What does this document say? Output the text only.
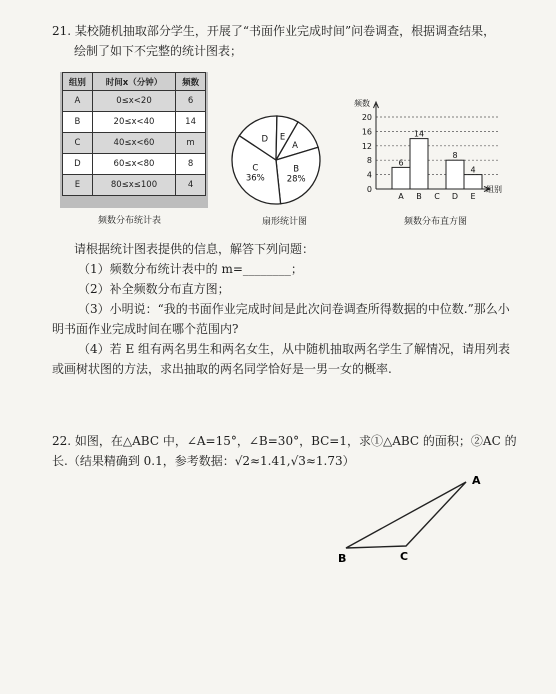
21. 某校随机抽取部分学生，开展了“书面作业完成时间”问卷调查，根据调查结果，
绘制了如下不完整的统计图表；
组别	时间x（分钟）	频数
A	0≤x<20	6
B	20≤x<40	14
C	40≤x<60	m
D	60≤x<80	8
E	80≤x≤100	4
频数分布统计表
A
B
28%
C
36%
D E
扇形统计图
0
4
8
12
16
20
频数
组别
6
A
14
B C
8
D
4
E
频数分布直方图
请根据统计图表提供的信息，解答下列问题：
（1）频数分布统计表中的 m=________；
（2）补全频数分布直方图；
（3）小明说：“我的书面作业完成时间是此次问卷调查所得数据的中位数.”那么小
明书面作业完成时间在哪个范围内?
（4）若 E 组有两名男生和两名女生，从中随机抽取两名学生了解情况，请用列表
或画树状图的方法，求出抽取的两名同学恰好是一男一女的概率.
22. 如图，在△ABC 中，∠A=15°，∠B=30°，BC=1，求①△ABC 的面积；②AC 的
长.（结果精确到 0.1，参考数据：√2≈1.41,√3≈1.73）
A
B	C
